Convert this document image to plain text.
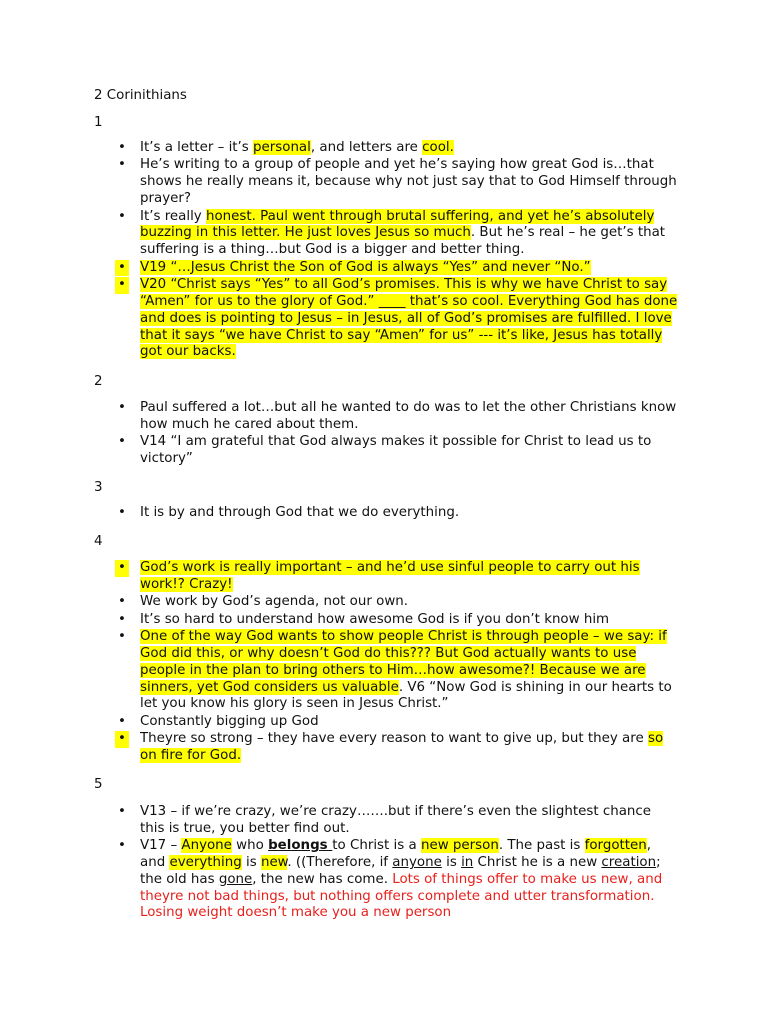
2 Corinithians
1
• It’s a letter – it’s personal, and letters are cool.
• He’s writing to a group of people and yet he’s saying how great God is…that shows he really means it, because why not just say that to God Himself through prayer?
• It’s really honest. Paul went through brutal suffering, and yet he’s absolutely buzzing in this letter. He just loves Jesus so much. But he’s real – he get’s that suffering is a thing…but God is a bigger and better thing.
• V19 “…Jesus Christ the Son of God is always “Yes” and never “No.”
• V20 “Christ says “Yes” to all God’s promises. This is why we have Christ to say “Amen” for us to the glory of God.” ____ that’s so cool. Everything God has done and does is pointing to Jesus – in Jesus, all of God’s promises are fulfilled. I love that it says “we have Christ to say “Amen” for us” --- it’s like, Jesus has totally got our backs.
2
• Paul suffered a lot…but all he wanted to do was to let the other Christians know how much he cared about them.
• V14 “I am grateful that God always makes it possible for Christ to lead us to victory”
3
• It is by and through God that we do everything.
4
• God’s work is really important – and he’d use sinful people to carry out his work!? Crazy!
• We work by God’s agenda, not our own.
• It’s so hard to understand how awesome God is if you don’t know him
• One of the way God wants to show people Christ is through people – we say: if God did this, or why doesn’t God do this??? But God actually wants to use people in the plan to bring others to Him…how awesome?! Because we are sinners, yet God considers us valuable. V6 “Now God is shining in our hearts to let you know his glory is seen in Jesus Christ.”
• Constantly bigging up God
• Theyre so strong – they have every reason to want to give up, but they are so on fire for God.
5
• V13 – if we’re crazy, we’re crazy…….but if there’s even the slightest chance this is true, you better find out.
• V17 – Anyone who belongs to Christ is a new person. The past is forgotten, and everything is new. ((Therefore, if anyone is in Christ he is a new creation; the old has gone, the new has come. Lots of things offer to make us new, and theyre not bad things, but nothing offers complete and utter transformation. Losing weight doesn’t make you a new person
